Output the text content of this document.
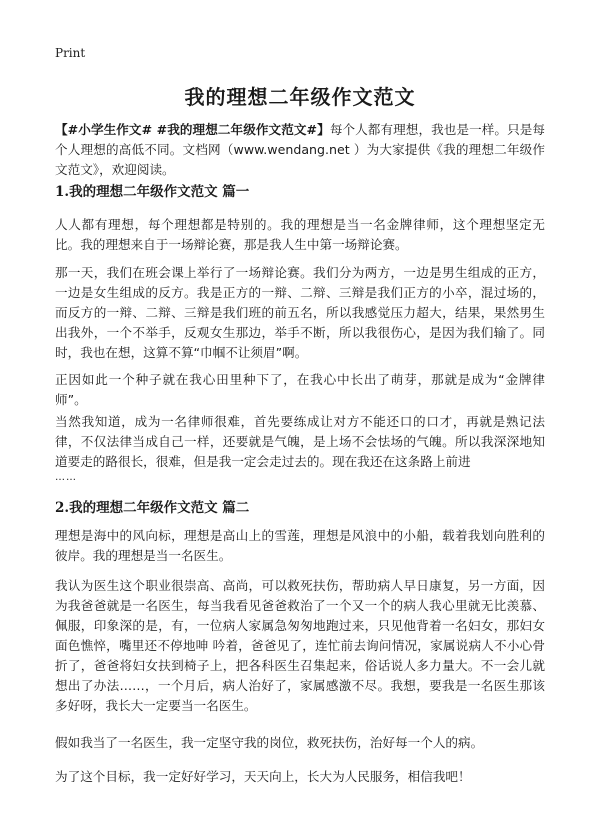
Print
我的理想二年级作文范文

【#小学生作文# #我的理想二年级作文范文#】每个人都有理想，我也是一样。只是每个人理想的高低不同。文档网（www.wendang.net ）为大家提供《我的理想二年级作文范文》，欢迎阅读。

1.我的理想二年级作文范文 篇一

人人都有理想，每个理想都是特别的。我的理想是当一名金牌律师，这个理想坚定无比。我的理想来自于一场辩论赛，那是我人生中第一场辩论赛。

那一天，我们在班会课上举行了一场辩论赛。我们分为两方，一边是男生组成的正方，一边是女生组成的反方。我是正方的一辩、二辩、三辩是我们正方的小卒，混过场的，而反方的一辩、二辩、三辩是我们班的前五名，所以我感觉压力超大，结果，果然男生出我外，一个不举手，反观女生那边，举手不断，所以我很伤心，是因为我们输了。同时，我也在想，这算不算“巾帼不让须眉”啊。

正因如此一个种子就在我心田里种下了，在我心中长出了萌芽，那就是成为“金牌律师”。

当然我知道，成为一名律师很难，首先要练成让对方不能还口的口才，再就是熟记法律，不仅法律当成自己一样，还要就是气魄，是上场不会怯场的气魄。所以我深深地知道要走的路很长，很难，但是我一定会走过去的。现在我还在这条路上前进

……
2.我的理想二年级作文范文 篇二

理想是海中的风向标，理想是高山上的雪莲，理想是风浪中的小船，载着我划向胜利的彼岸。我的理想是当一名医生。

我认为医生这个职业很崇高、高尚，可以救死扶伤，帮助病人早日康复，另一方面，因为我爸爸就是一名医生，每当我看见爸爸救治了一个又一个的病人我心里就无比羡慕、佩服，印象深的是，有，一位病人家属急匆匆地跑过来，只见他背着一名妇女，那妇女面色憔悴，嘴里还不停地呻 吟着，爸爸见了，连忙前去询问情况，家属说病人不小心骨折了，爸爸将妇女扶到椅子上，把各科医生召集起来，俗话说人多力量大。不一会儿就想出了办法……，一个月后，病人治好了，家属感激不尽。我想，要我是一名医生那该多好呀，我长大一定要当一名医生。

假如我当了一名医生，我一定坚守我的岗位，救死扶伤，治好每一个人的病。

为了这个目标，我一定好好学习，天天向上，长大为人民服务，相信我吧！
